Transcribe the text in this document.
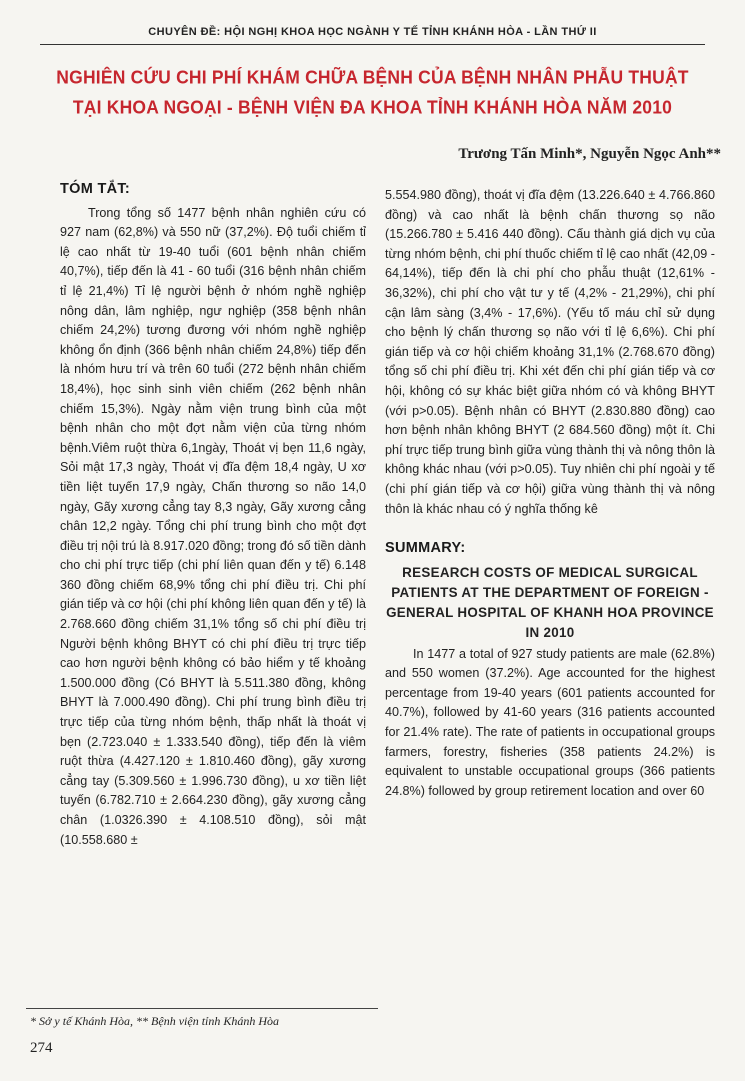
CHUYÊN ĐỀ: HỘI NGHỊ KHOA HỌC NGÀNH Y TẾ TỈNH KHÁNH HÒA - LẦN THỨ II
NGHIÊN CỨU CHI PHÍ KHÁM CHỮA BỆNH CỦA BỆNH NHÂN PHẪU THUẬT
TẠI KHOA NGOẠI - BỆNH VIỆN ĐA KHOA TỈNH KHÁNH HÒA NĂM 2010
Trương Tấn Minh*, Nguyễn Ngọc Anh**
TÓM TẮT:

Trong tổng số 1477 bệnh nhân nghiên cứu có 927 nam (62,8%) và 550 nữ (37,2%). Độ tuổi chiếm tỉ lệ cao nhất từ 19-40 tuổi (601 bệnh nhân chiếm 40,7%), tiếp đến là 41 - 60 tuổi (316 bệnh nhân chiếm tỉ lệ 21,4%) Tỉ lệ người bệnh ở nhóm nghề nghiệp nông dân, lâm nghiệp, ngư nghiệp (358 bệnh nhân chiếm 24,2%) tương đương với nhóm nghề nghiệp không ổn định (366 bệnh nhân chiếm 24,8%) tiếp đến là nhóm hưu trí và trên 60 tuổi (272 bệnh nhân chiếm 18,4%), học sinh sinh viên chiếm (262 bệnh nhân chiếm 15,3%). Ngày nằm viện trung bình của một bệnh nhân cho một đợt nằm viện của từng nhóm bệnh.Viêm ruột thừa 6,1ngày, Thoát vị bẹn 11,6 ngày, Sỏi mật 17,3 ngày, Thoát vị đĩa đệm 18,4 ngày, U xơ tiền liệt tuyến 17,9 ngày, Chấn thương so não 14,0 ngày, Gãy xương cẳng tay 8,3 ngày, Gãy xương cẳng chân 12,2 ngày. Tổng chi phí trung bình cho một đợt điều trị nội trú là 8.917.020 đồng; trong đó số tiền dành cho chi phí trực tiếp (chi phí liên quan đến y tế) 6.148 360 đồng chiếm 68,9% tổng chi phí điều trị. Chi phí gián tiếp và cơ hội (chi phí không liên quan đến y tế) là 2.768.660 đồng chiếm 31,1% tổng số chi phí điều trị Người bệnh không BHYT có chi phí điều trị trực tiếp cao hơn người bệnh không có bảo hiểm y tế khoảng 1.500.000 đồng (Có BHYT là 5.511.380 đồng, không BHYT là 7.000.490 đồng). Chi phí trung bình điều trị trực tiếp của từng nhóm bệnh, thấp nhất là thoát vị bẹn (2.723.040 ± 1.333.540 đồng), tiếp đến là viêm ruột thừa (4.427.120 ± 1.810.460 đồng), gãy xương cẳng tay (5.309.560 ± 1.996.730 đồng), u xơ tiền liệt tuyến (6.782.710 ± 2.664.230 đồng), gãy xương cẳng chân (1.0326.390 ± 4.108.510 đồng), sỏi mật (10.558.680 ±

5.554.980 đồng), thoát vị đĩa đệm (13.226.640 ± 4.766.860 đồng) và cao nhất là bệnh chấn thương sọ não (15.266.780 ± 5.416 440 đồng). Cấu thành giá dịch vụ của từng nhóm bệnh, chi phí thuốc chiếm tỉ lệ cao nhất (42,09 - 64,14%), tiếp đến là chi phí cho phẫu thuật (12,61% - 36,32%), chi phí cho vật tư y tế (4,2% - 21,29%), chi phí cận lâm sàng (3,4% - 17,6%). (Yếu tố máu chỉ sử dụng cho bệnh lý chấn thương sọ não với tỉ lệ 6,6%). Chi phí gián tiếp và cơ hội chiếm khoảng 31,1% (2.768.670 đồng) tổng số chi phí điều trị. Khi xét đến chi phí gián tiếp và cơ hội, không có sự khác biệt giữa nhóm có và không BHYT (với p>0.05). Bệnh nhân có BHYT (2.830.880 đồng) cao hơn bệnh nhân không BHYT (2 684.560 đồng) một ít. Chi phí trực tiếp trung bình giữa vùng thành thị và nông thôn là không khác nhau (với p>0.05). Tuy nhiên chi phí ngoài y tế (chi phí gián tiếp và cơ hội) giữa vùng thành thị và nông thôn là khác nhau có ý nghĩa thống kê

SUMMARY:
RESEARCH COSTS OF MEDICAL SURGICAL PATIENTS AT THE DEPARTMENT OF FOREIGN - GENERAL HOSPITAL OF KHANH HOA PROVINCE IN 2010

In 1477 a total of 927 study patients are male (62.8%) and 550 women (37.2%). Age accounted for the highest percentage from 19-40 years (601 patients accounted for 40.7%), followed by 41-60 years (316 patients accounted for 21.4% rate). The rate of patients in occupational groups farmers, forestry, fisheries (358 patients 24.2%) is equivalent to unstable occupational groups (366 patients 24.8%) followed by group retirement location and over 60

* Sở y tế Khánh Hòa, ** Bệnh viện tỉnh Khánh Hòa
274
